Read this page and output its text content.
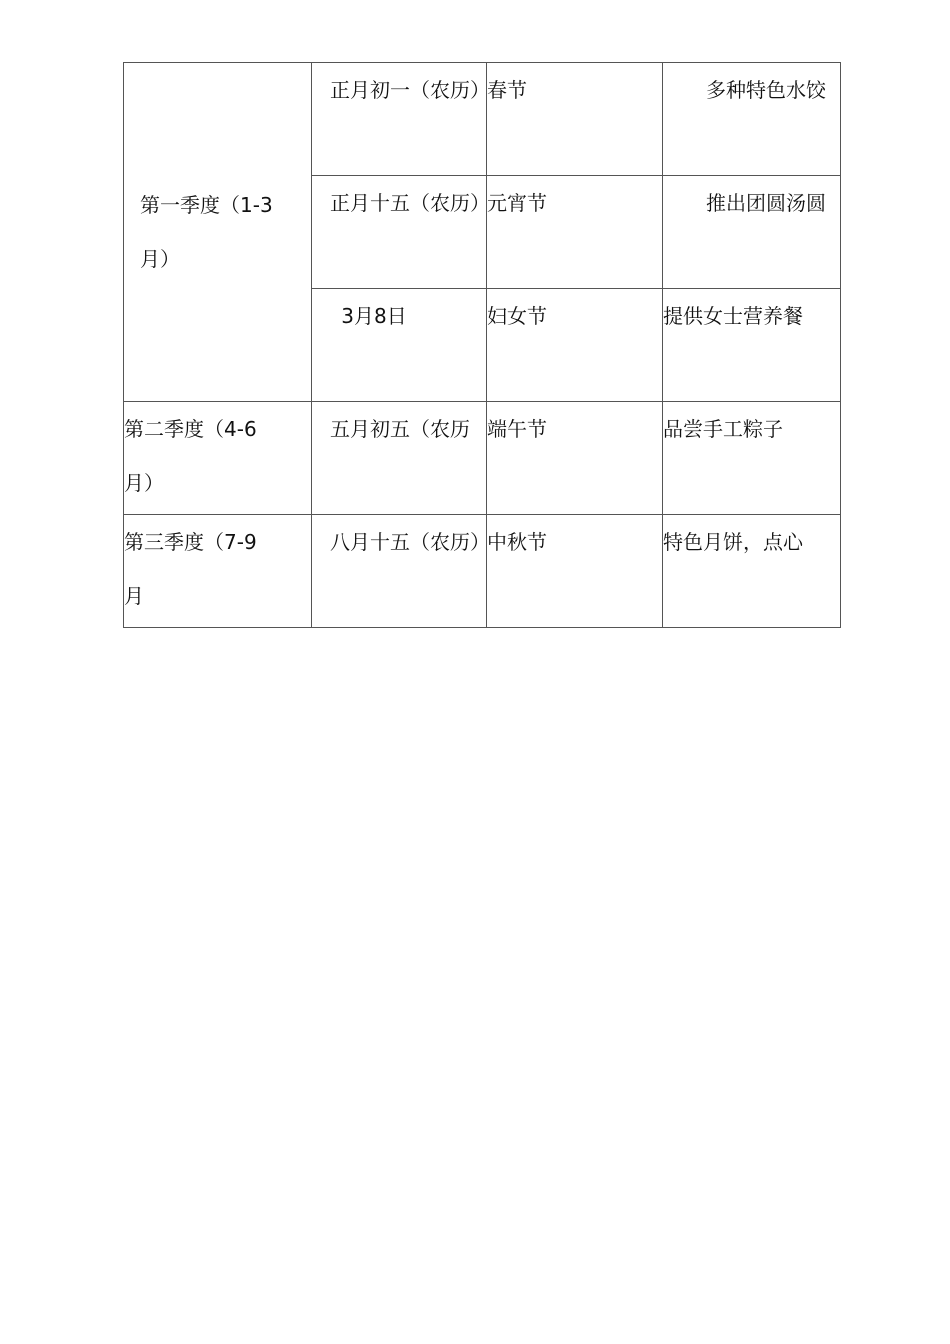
第一季度（1-3月）	正月初一（农历）	春节	多种特色水饺

	正月十五（农历）	元宵节	推出团圆汤圆

	3月8日	妇女节	提供女士营养餐

第二季度（4-6月）	五月初五（农历	端午节	品尝手工粽子

第三季度（7-9月	八月十五（农历）	中秋节	特色月饼，点心
